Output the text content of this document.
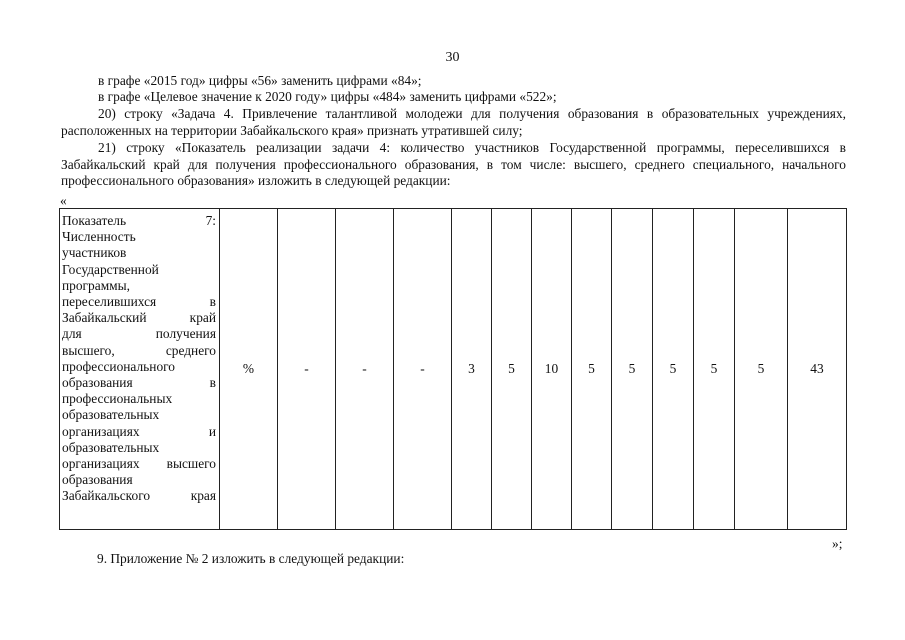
30
в графе «2015 год» цифры «56» заменить цифрами «84»;
в графе «Целевое значение к 2020 году» цифры «484» заменить цифрами «522»;
20) строку «Задача 4. Привлечение талантливой молодежи для получения образования в образовательных учреждениях, расположенных на территории Забайкальского края» признать утратившей силу;
21) строку «Показатель реализации задачи 4: количество участников Государственной программы, переселившихся в Забайкальский край для получения профессионального образования, в том числе: высшего, среднего специального, начального профессионального образования» изложить в следующей редакции:
«
Показатель 7:
Численность
участников
Государственной
программы,
переселившихся в
Забайкальский край
для получения
высшего, среднего
профессионального
образования в
профессиональных
образовательных
организациях и
образовательных
организациях высшего
образования
Забайкальского края
	%	-	-	-	3	5	10	5	5	5	5	5	43
»;
9. Приложение № 2 изложить в следующей редакции:
